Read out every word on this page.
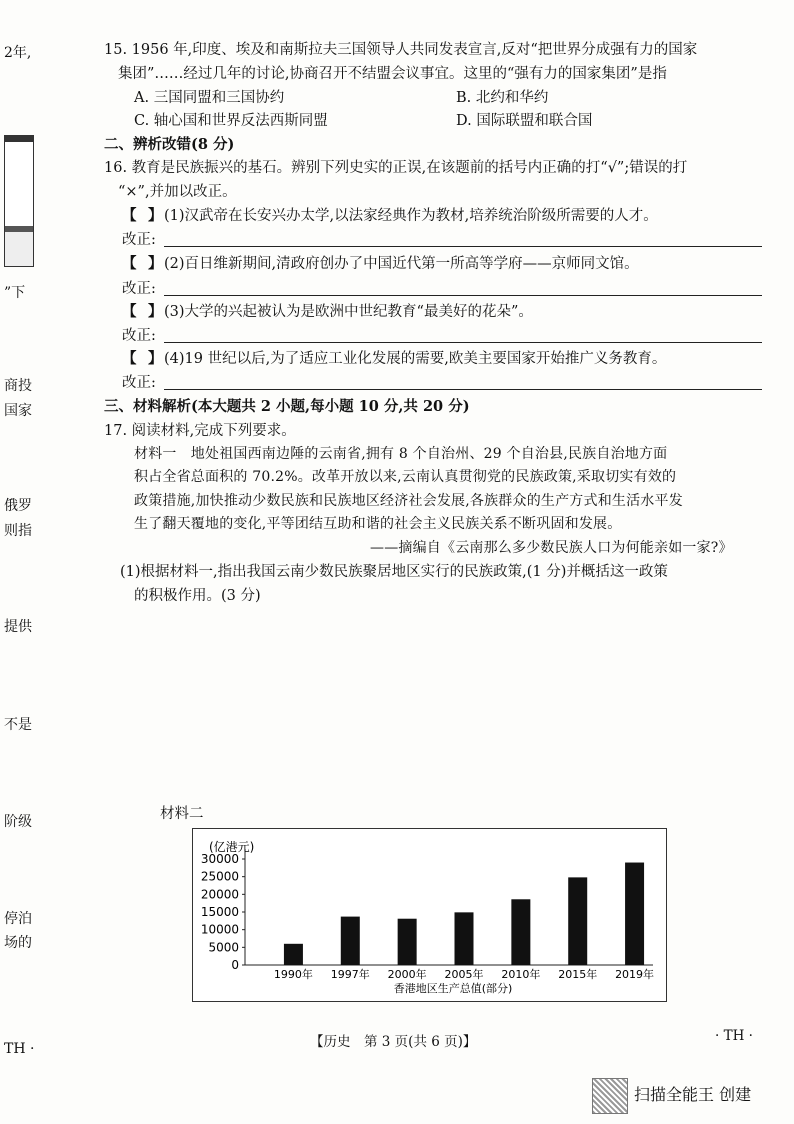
2年,
”下
商投
国家
俄罗
则指
提供
不是
阶级
停泊
场的
TH ·
15. 1956 年,印度、埃及和南斯拉夫三国领导人共同发表宣言,反对“把世界分成强有力的国家
集团”……经过几年的讨论,协商召开不结盟会议事宜。这里的“强有力的国家集团”是指
A. 三国同盟和三国协约	B. 北约和华约
C. 轴心国和世界反法西斯同盟	D. 国际联盟和联合国
二、辨析改错(8 分)
16. 教育是民族振兴的基石。辨别下列史实的正误,在该题前的括号内正确的打“√”;错误的打
“×”,并加以改正。
【 】 (1)汉武帝在长安兴办太学,以法家经典作为教材,培养统治阶级所需要的人才。
改正:
【 】 (2)百日维新期间,清政府创办了中国近代第一所高等学府——京师同文馆。
改正:
【 】 (3)大学的兴起被认为是欧洲中世纪教育“最美好的花朵”。
改正:
【 】 (4)19 世纪以后,为了适应工业化发展的需要,欧美主要国家开始推广义务教育。
改正:
三、材料解析(本大题共 2 小题,每小题 10 分,共 20 分)
17. 阅读材料,完成下列要求。
材料一　地处祖国西南边陲的云南省,拥有 8 个自治州、29 个自治县,民族自治地方面
积占全省总面积的 70.2%。改革开放以来,云南认真贯彻党的民族政策,采取切实有效的
政策措施,加快推动少数民族和民族地区经济社会发展,各族群众的生产方式和生活水平发
生了翻天覆地的变化,平等团结互助和谐的社会主义民族关系不断巩固和发展。
——摘编自《云南那么多少数民族人口为何能亲如一家?》
(1)根据材料一,指出我国云南少数民族聚居地区实行的民族政策,(1 分)并概括这一政策
的积极作用。(3 分)
材料二
(亿港元)
0
5000
10000
15000
20000
25000
30000
1990年 1997年 2000年 2005年 2010年 2015年 2019年
香港地区生产总值(部分)
【历史　第 3 页(共 6 页)】	· TH ·
扫描全能王 创建
